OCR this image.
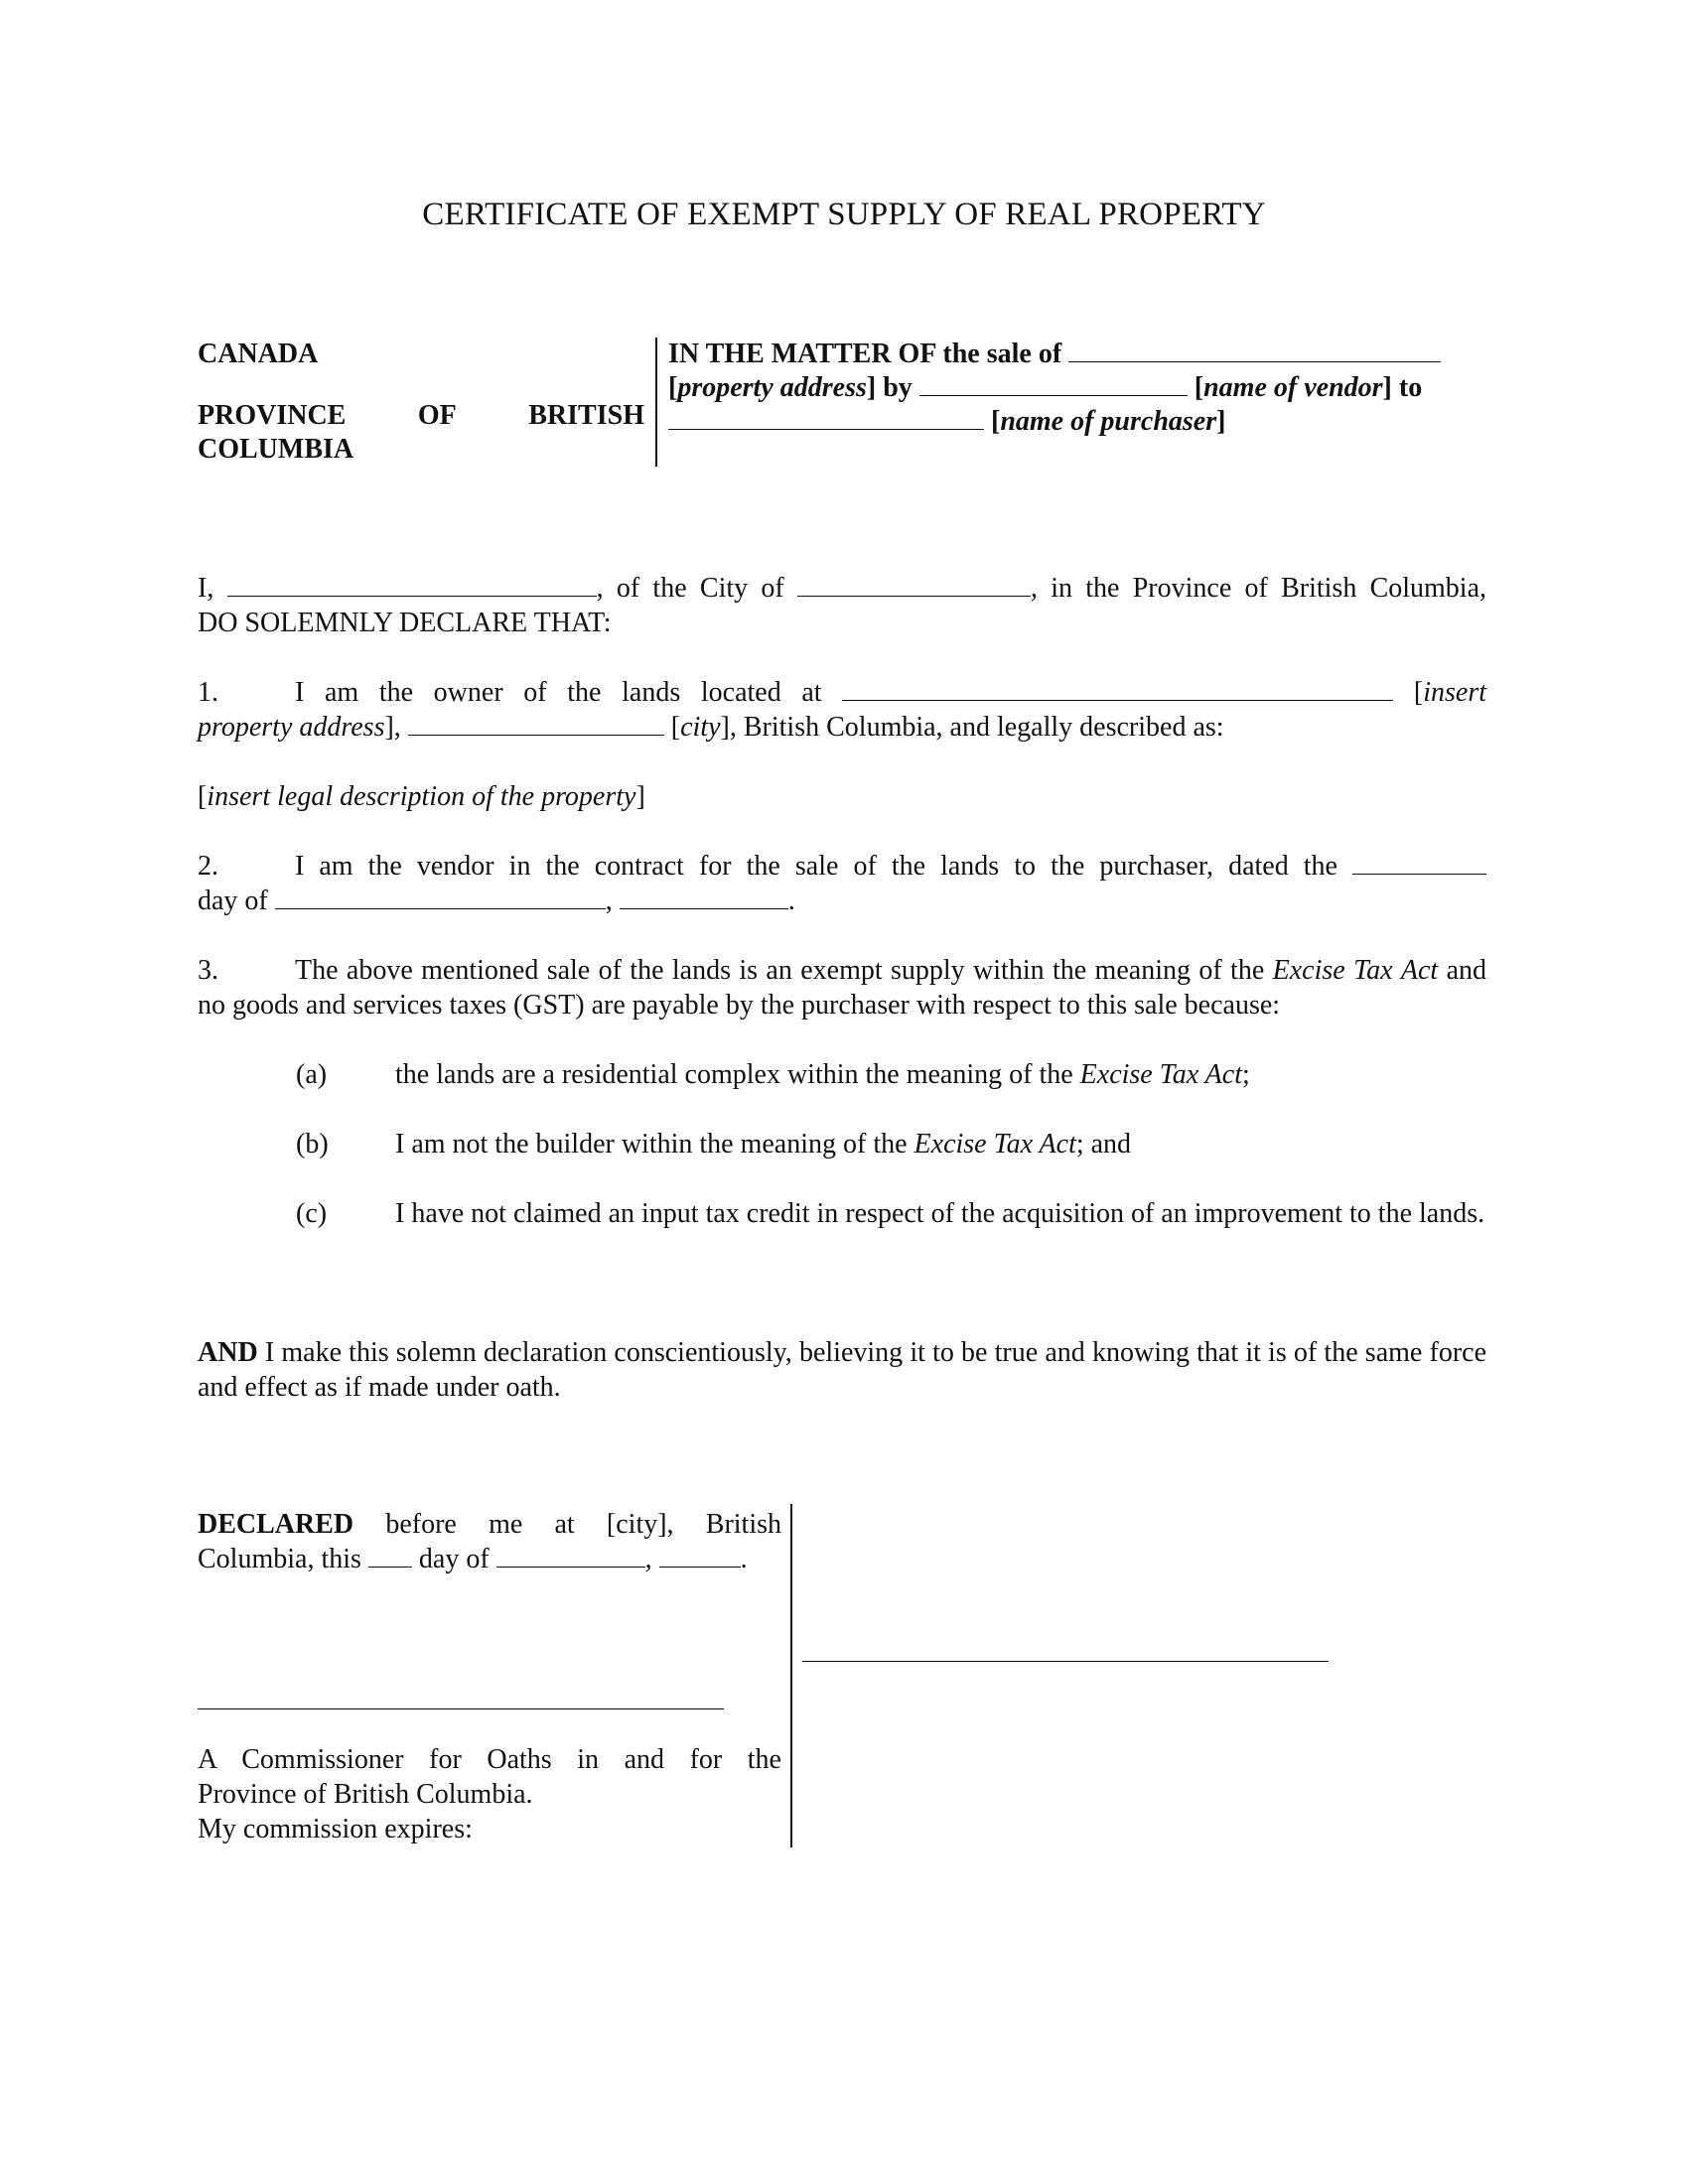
CERTIFICATE OF EXEMPT SUPPLY OF REAL PROPERTY
CANADA
PROVINCE	OF	BRITISH
COLUMBIA
IN THE MATTER OF the sale of
[property address] by	[name of vendor] to
[name of purchaser]
I,	, of the City of	, in the Province of British Columbia,
DO SOLEMNLY DECLARE THAT:
1.	I am the owner of the lands located at	[insert
property address],	[city], British Columbia, and legally described as:
[insert legal description of the property]
2.	I am the vendor in the contract for the sale of the lands to the purchaser, dated the
day of	,	.
3.	The above mentioned sale of the lands is an exempt supply within the meaning of the Excise Tax Act and no goods and services taxes (GST) are payable by the purchaser with respect to this sale because:
(a)	the lands are a residential complex within the meaning of the Excise Tax Act;
(b)	I am not the builder within the meaning of the Excise Tax Act; and
(c)	I have not claimed an input tax credit in respect of the acquisition of an improvement to the lands.
AND I make this solemn declaration conscientiously, believing it to be true and knowing that it is of the same force and effect as if made under oath.
DECLARED before me at [city], British
Columbia, this day of	,	.
A Commissioner for Oaths in and for the
Province of British Columbia.
My commission expires:
